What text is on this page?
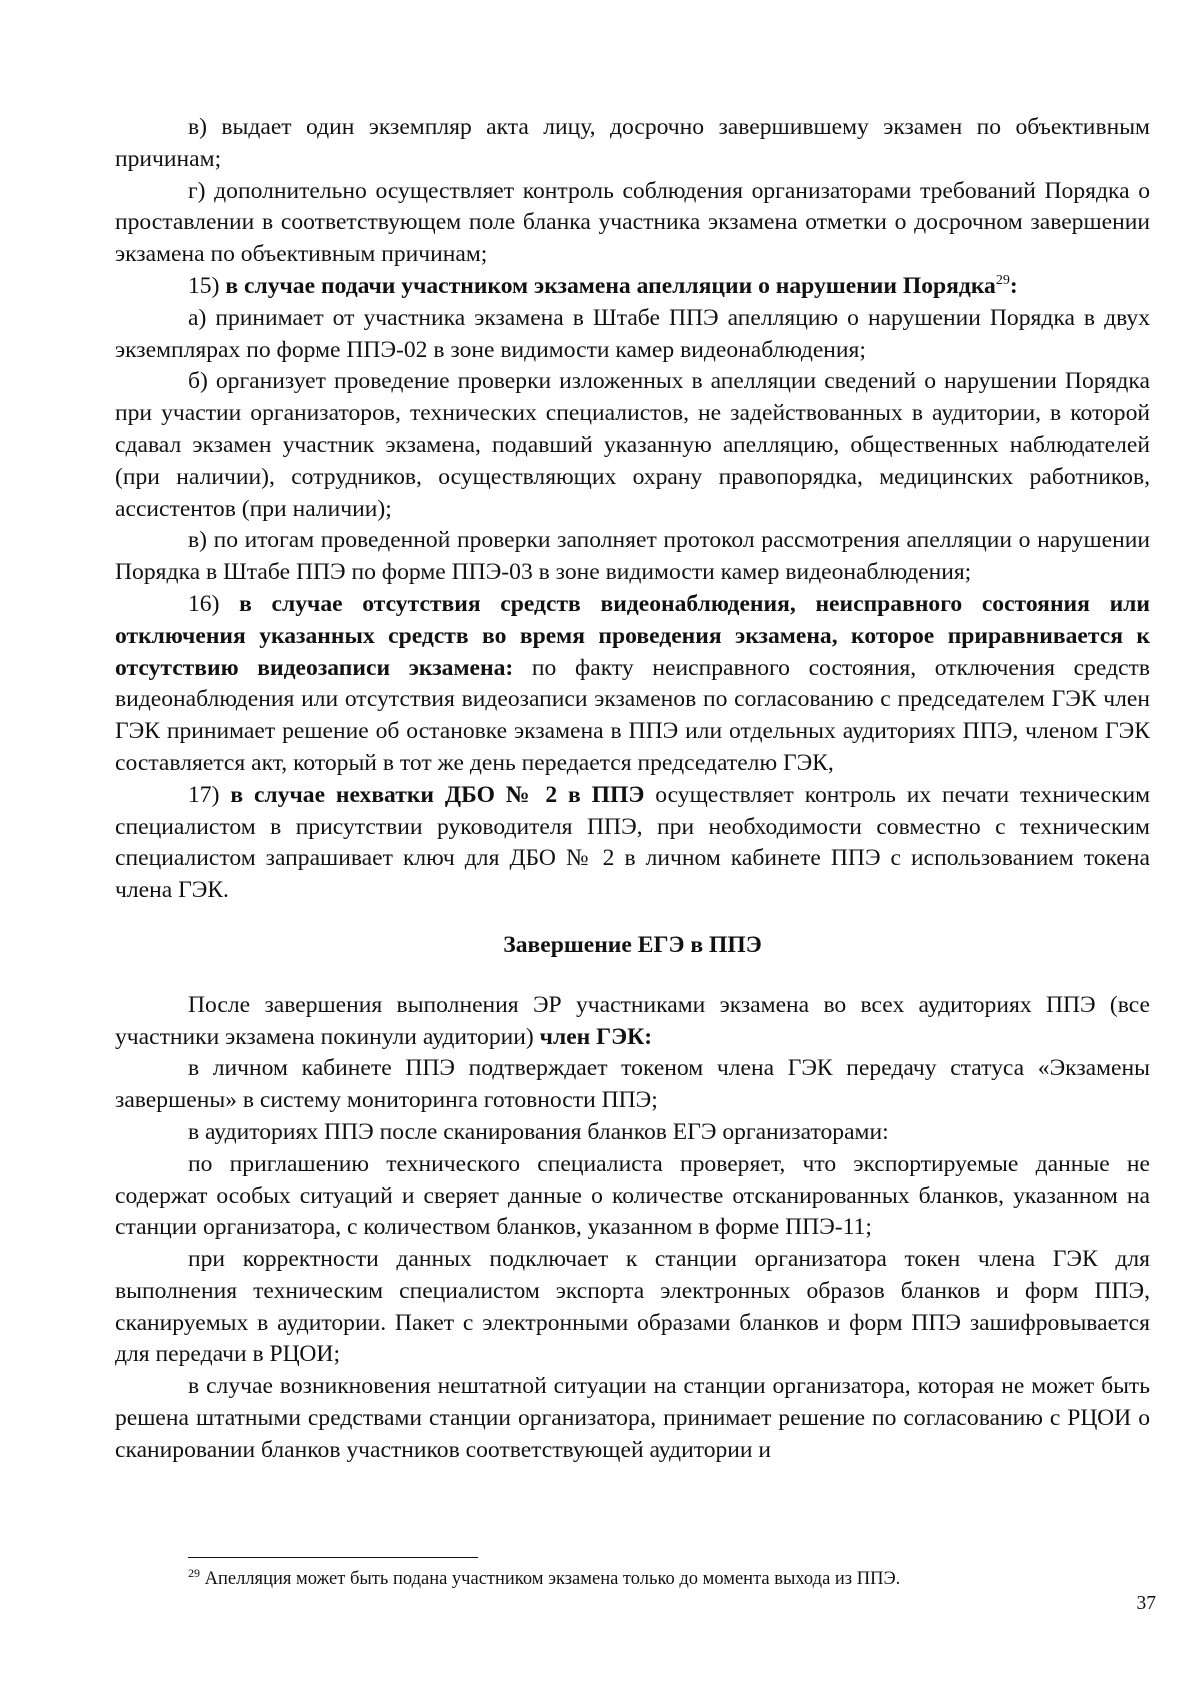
в) выдает один экземпляр акта лицу, досрочно завершившему экзамен по объективным причинам;

г) дополнительно осуществляет контроль соблюдения организаторами требований Порядка о проставлении в соответствующем поле бланка участника экзамена отметки о досрочном завершении экзамена по объективным причинам;

15) в случае подачи участником экзамена апелляции о нарушении Порядка$^{29}$:

а) принимает от участника экзамена в Штабе ППЭ апелляцию о нарушении Порядка в двух экземплярах по форме ППЭ-02 в зоне видимости камер видеонаблюдения;

б) организует проведение проверки изложенных в апелляции сведений о нарушении Порядка при участии организаторов, технических специалистов, не задействованных в аудитории, в которой сдавал экзамен участник экзамена, подавший указанную апелляцию, общественных наблюдателей (при наличии), сотрудников, осуществляющих охрану правопорядка, медицинских работников, ассистентов (при наличии);

в) по итогам проведенной проверки заполняет протокол рассмотрения апелляции о нарушении Порядка в Штабе ППЭ по форме ППЭ-03 в зоне видимости камер видеонаблюдения;

16) в случае отсутствия средств видеонаблюдения, неисправного состояния или отключения указанных средств во время проведения экзамена, которое приравнивается к отсутствию видеозаписи экзамена: по факту неисправного состояния, отключения средств видеонаблюдения или отсутствия видеозаписи экзаменов по согласованию с председателем ГЭК член ГЭК принимает решение об остановке экзамена в ППЭ или отдельных аудиториях ППЭ, членом ГЭК составляется акт, который в тот же день передается председателю ГЭК,

17) в случае нехватки ДБО № 2 в ППЭ осуществляет контроль их печати техническим специалистом в присутствии руководителя ППЭ, при необходимости совместно с техническим специалистом запрашивает ключ для ДБО № 2 в личном кабинете ППЭ с использованием токена члена ГЭК.

Завершение ЕГЭ в ППЭ

После завершения выполнения ЭР участниками экзамена во всех аудиториях ППЭ (все участники экзамена покинули аудитории) член ГЭК:

в личном кабинете ППЭ подтверждает токеном члена ГЭК передачу статуса «Экзамены завершены» в систему мониторинга готовности ППЭ;

в аудиториях ППЭ после сканирования бланков ЕГЭ организаторами:

по приглашению технического специалиста проверяет, что экспортируемые данные не содержат особых ситуаций и сверяет данные о количестве отсканированных бланков, указанном на станции организатора, с количеством бланков, указанном в форме ППЭ-11;

при корректности данных подключает к станции организатора токен члена ГЭК для выполнения техническим специалистом экспорта электронных образов бланков и форм ППЭ, сканируемых в аудитории. Пакет с электронными образами бланков и форм ППЭ зашифровывается для передачи в РЦОИ;

в случае возникновения нештатной ситуации на станции организатора, которая не может быть решена штатными средствами станции организатора, принимает решение по согласованию с РЦОИ о сканировании бланков участников соответствующей аудитории и

$^{29}$ Апелляция может быть подана участником экзамена только до момента выхода из ППЭ.
37
